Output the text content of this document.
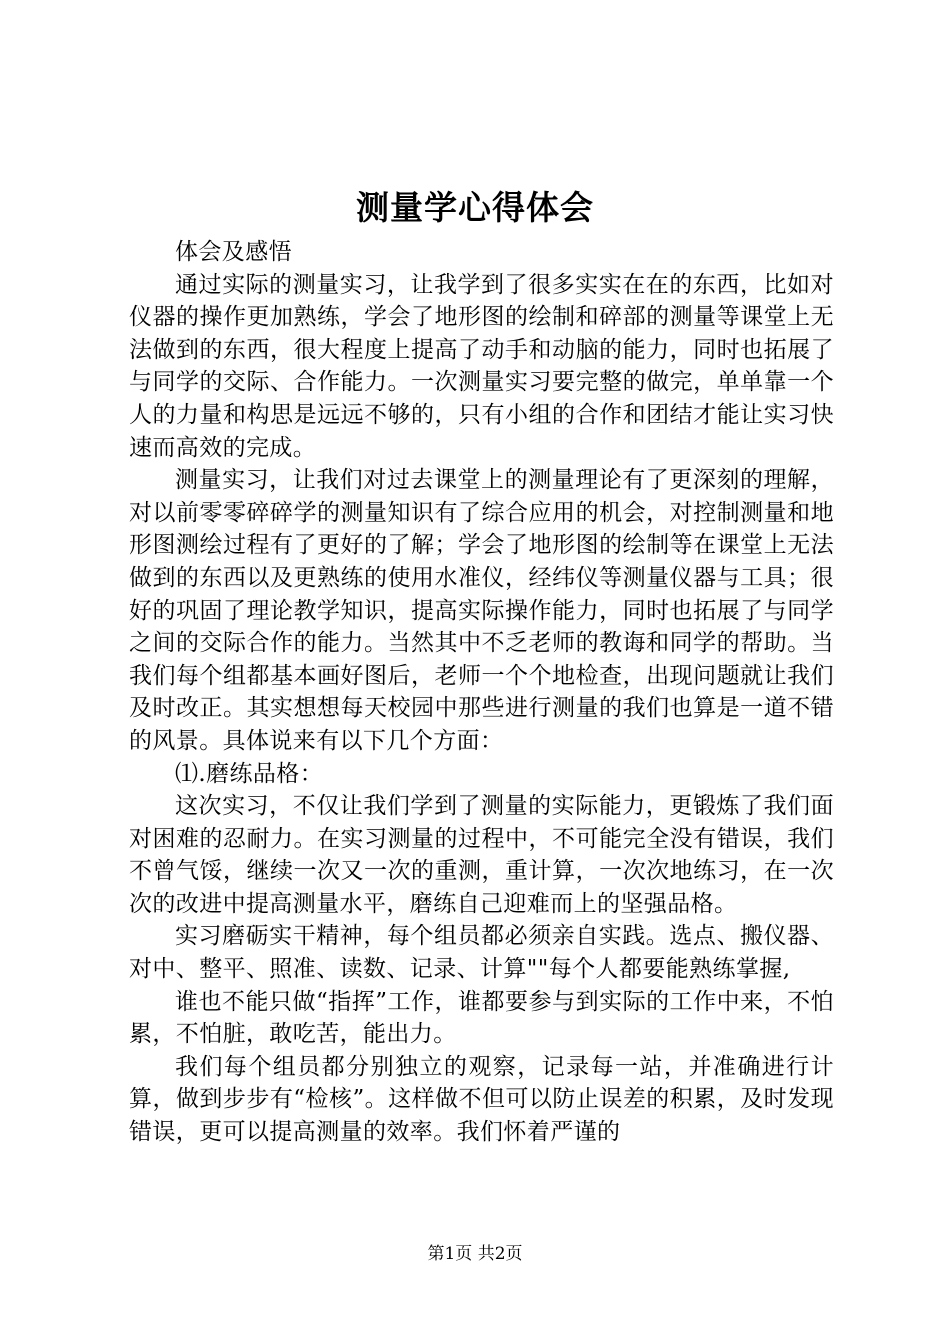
测量学心得体会

体会及感悟

通过实际的测量实习，让我学到了很多实实在在的东西，比如对仪器的操作更加熟练，学会了地形图的绘制和碎部的测量等课堂上无法做到的东西，很大程度上提高了动手和动脑的能力，同时也拓展了与同学的交际、合作能力。一次测量实习要完整的做完，单单靠一个人的力量和构思是远远不够的，只有小组的合作和团结才能让实习快速而高效的完成。

测量实习，让我们对过去课堂上的测量理论有了更深刻的理解，对以前零零碎碎学的测量知识有了综合应用的机会，对控制测量和地形图测绘过程有了更好的了解；学会了地形图的绘制等在课堂上无法做到的东西以及更熟练的使用水准仪，经纬仪等测量仪器与工具；很好的巩固了理论教学知识，提高实际操作能力，同时也拓展了与同学之间的交际合作的能力。当然其中不乏老师的教诲和同学的帮助。当我们每个组都基本画好图后，老师一个个地检查，出现问题就让我们及时改正。其实想想每天校园中那些进行测量的我们也算是一道不错的风景。具体说来有以下几个方面：

⑴.磨练品格：

这次实习，不仅让我们学到了测量的实际能力，更锻炼了我们面对困难的忍耐力。在实习测量的过程中，不可能完全没有错误，我们不曾气馁，继续一次又一次的重测，重计算，一次次地练习，在一次次的改进中提高测量水平，磨练自己迎难而上的坚强品格。

实习磨砺实干精神，每个组员都必须亲自实践。选点、搬仪器、对中、整平、照准、读数、记录、计算""每个人都要能熟练掌握,

谁也不能只做“指挥”工作，谁都要参与到实际的工作中来，不怕累，不怕脏，敢吃苦，能出力。

我们每个组员都分别独立的观察，记录每一站，并准确进行计算，做到步步有“检核”。这样做不但可以防止误差的积累，及时发现错误，更可以提高测量的效率。我们怀着严谨的

第1页 共2页
